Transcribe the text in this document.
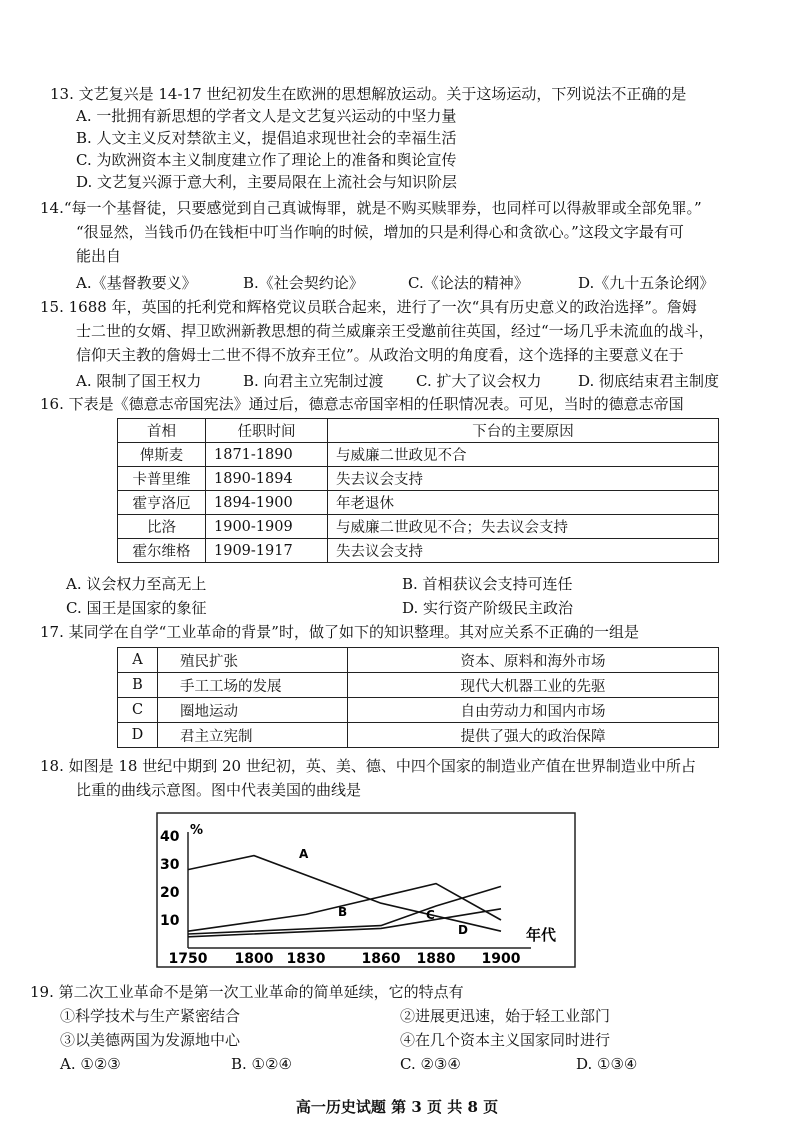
13. 文艺复兴是 14-17 世纪初发生在欧洲的思想解放运动。关于这场运动，下列说法不正确的是
A. 一批拥有新思想的学者文人是文艺复兴运动的中坚力量
B. 人文主义反对禁欲主义，提倡追求现世社会的幸福生活
C. 为欧洲资本主义制度建立作了理论上的准备和舆论宣传
D. 文艺复兴源于意大利，主要局限在上流社会与知识阶层
14.“每一个基督徒，只要感觉到自己真诚悔罪，就是不购买赎罪券，也同样可以得赦罪或全部免罪。”
“很显然，当钱币仍在钱柜中叮当作响的时候，增加的只是利得心和贪欲心。”这段文字最有可
能出自
A.《基督教要义》	B.《社会契约论》	C.《论法的精神》	D.《九十五条论纲》
15. 1688 年，英国的托利党和辉格党议员联合起来，进行了一次“具有历史意义的政治选择”。詹姆
士二世的女婿、捍卫欧洲新教思想的荷兰威廉亲王受邀前往英国，经过“一场几乎未流血的战斗，
信仰天主教的詹姆士二世不得不放弃王位”。从政治文明的角度看，这个选择的主要意义在于
A. 限制了国王权力	B. 向君主立宪制过渡 C. 扩大了议会权力 D. 彻底结束君主制度
16. 下表是《德意志帝国宪法》通过后，德意志帝国宰相的任职情况表。可见，当时的德意志帝国
首相	任职时间	下台的主要原因
俾斯麦	1871-1890	与威廉二世政见不合
卡普里维	1890-1894	失去议会支持
霍亨洛厄	1894-1900	年老退休
比洛	1900-1909	与威廉二世政见不合；失去议会支持
霍尔维格	1909-1917	失去议会支持
A. 议会权力至高无上	B. 首相获议会支持可连任
C. 国王是国家的象征	D. 实行资产阶级民主政治
17. 某同学在自学“工业革命的背景”时，做了如下的知识整理。其对应关系不正确的一组是
A	殖民扩张	资本、原料和海外市场
B	手工工场的发展	现代大机器工业的先驱
C	圈地运动	自由劳动力和国内市场
D	君主立宪制	提供了强大的政治保障
18. 如图是 18 世纪中期到 20 世纪初，英、美、德、中四个国家的制造业产值在世界制造业中所占
比重的曲线示意图。图中代表美国的曲线是
10
20
30
40
1750 1800 1830	1860 1880 1900
A
B	C
D
%
年代
19. 第二次工业革命不是第一次工业革命的简单延续，它的特点有
①科学技术与生产紧密结合	②进展更迅速，始于轻工业部门
③以美德两国为发源地中心	④在几个资本主义国家同时进行
A. ①②③	B. ①②④	C. ②③④	D. ①③④
高一历史试题 第 3 页 共 8 页
